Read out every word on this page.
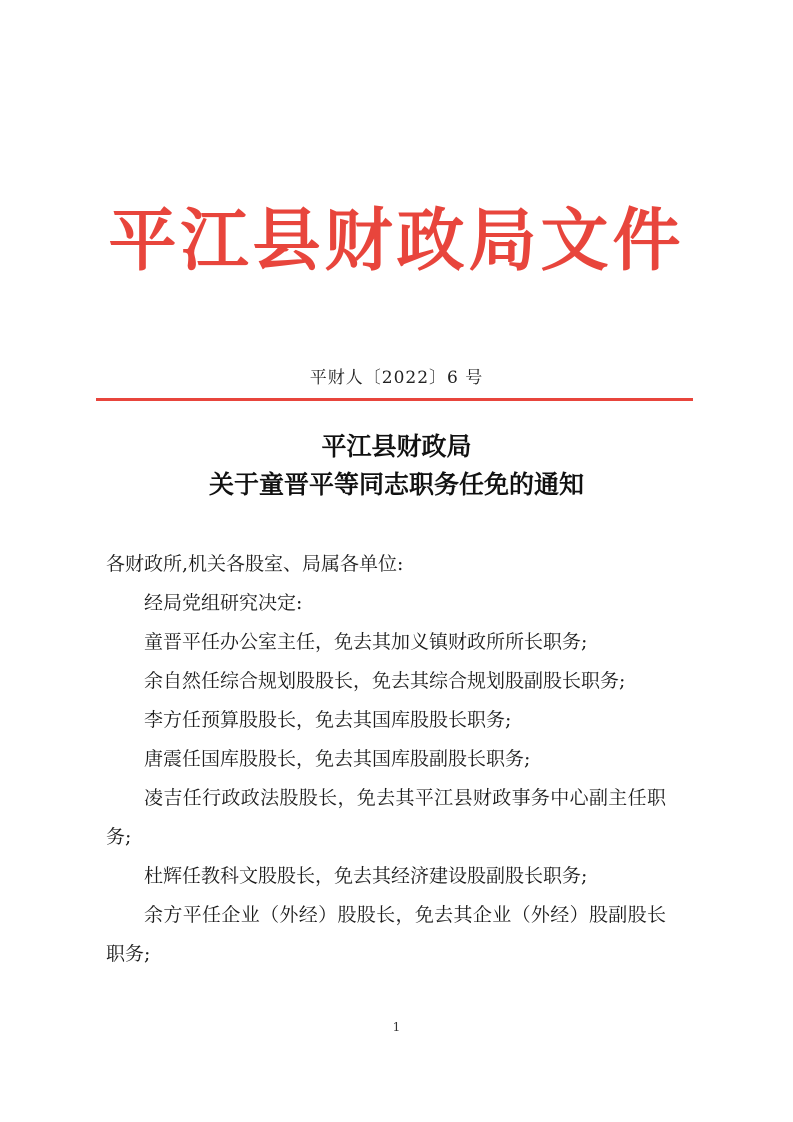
平江县财政局文件
平财人〔2022〕6 号
平江县财政局
关于童晋平等同志职务任免的通知

各财政所,机关各股室、局属各单位:

经局党组研究决定:

童晋平任办公室主任，免去其加义镇财政所所长职务;

余自然任综合规划股股长，免去其综合规划股副股长职务;

李方任预算股股长，免去其国库股股长职务;

唐震任国库股股长，免去其国库股副股长职务;

凌吉任行政政法股股长，免去其平江县财政事务中心副主任职务;

杜辉任教科文股股长，免去其经济建设股副股长职务;

余方平任企业（外经）股股长，免去其企业（外经）股副股长职务;

1
